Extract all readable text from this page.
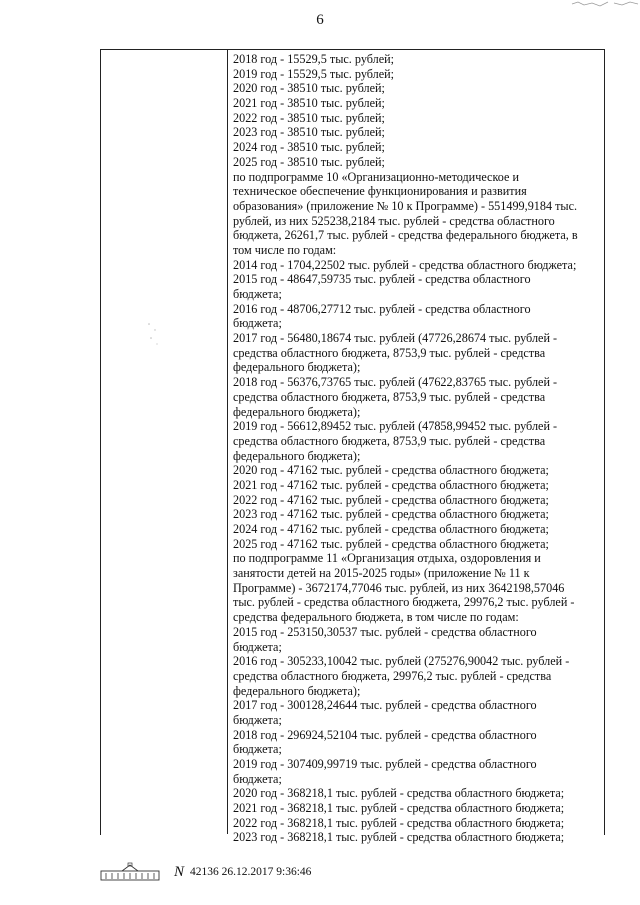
6
2018 год - 15529,5 тыс. рублей;
2019 год - 15529,5 тыс. рублей;
2020 год - 38510 тыс. рублей;
2021 год - 38510 тыс. рублей;
2022 год - 38510 тыс. рублей;
2023 год - 38510 тыс. рублей;
2024 год - 38510 тыс. рублей;
2025 год - 38510 тыс. рублей;
по подпрограмме 10 «Организационно-методическое и
техническое обеспечение функционирования и развития
образования» (приложение № 10 к Программе) - 551499,9184 тыс.
рублей, из них 525238,2184 тыс. рублей - средства областного
бюджета, 26261,7 тыс. рублей - средства федерального бюджета, в
том числе по годам:
2014 год - 1704,22502 тыс. рублей - средства областного бюджета;
2015 год - 48647,59735 тыс. рублей - средства областного
бюджета;
2016 год - 48706,27712 тыс. рублей - средства областного
бюджета;
2017 год - 56480,18674 тыс. рублей (47726,28674 тыс. рублей -
средства областного бюджета, 8753,9 тыс. рублей - средства
федерального бюджета);
2018 год - 56376,73765 тыс. рублей (47622,83765 тыс. рублей -
средства областного бюджета, 8753,9 тыс. рублей - средства
федерального бюджета);
2019 год - 56612,89452 тыс. рублей (47858,99452 тыс. рублей -
средства областного бюджета, 8753,9 тыс. рублей - средства
федерального бюджета);
2020 год - 47162 тыс. рублей - средства областного бюджета;
2021 год - 47162 тыс. рублей - средства областного бюджета;
2022 год - 47162 тыс. рублей - средства областного бюджета;
2023 год - 47162 тыс. рублей - средства областного бюджета;
2024 год - 47162 тыс. рублей - средства областного бюджета;
2025 год - 47162 тыс. рублей - средства областного бюджета;
по подпрограмме 11 «Организация отдыха, оздоровления и
занятости детей на 2015-2025 годы» (приложение № 11 к
Программе) - 3672174,77046 тыс. рублей, из них 3642198,57046
тыс. рублей - средства областного бюджета, 29976,2 тыс. рублей -
средства федерального бюджета, в том числе по годам:
2015 год - 253150,30537 тыс. рублей - средства областного
бюджета;
2016 год - 305233,10042 тыс. рублей (275276,90042 тыс. рублей -
средства областного бюджета, 29976,2 тыс. рублей - средства
федерального бюджета);
2017 год - 300128,24644 тыс. рублей - средства областного
бюджета;
2018 год - 296924,52104 тыс. рублей - средства областного
бюджета;
2019 год - 307409,99719 тыс. рублей - средства областного
бюджета;
2020 год - 368218,1 тыс. рублей - средства областного бюджета;
2021 год - 368218,1 тыс. рублей - средства областного бюджета;
2022 год - 368218,1 тыс. рублей - средства областного бюджета;
2023 год - 368218,1 тыс. рублей - средства областного бюджета;
N 42136 26.12.2017 9:36:46
